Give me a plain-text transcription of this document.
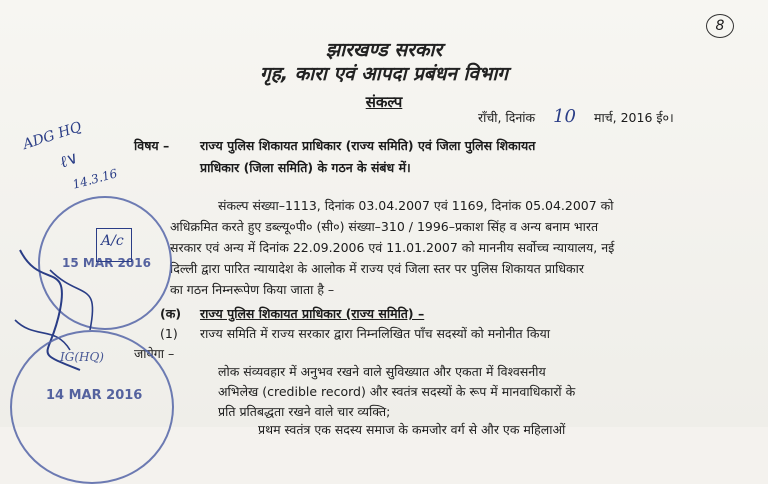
8
झारखण्ड सरकार
गृह, कारा एवं आपदा प्रबंधन विभाग
संकल्प
राँची, दिनांक 10 मार्च, 2016 ई०।
विषय – राज्य पुलिस शिकायत प्राधिकार (राज्य समिति) एवं जिला पुलिस शिकायत
प्राधिकार (जिला समिति) के गठन के संबंध में।
संकल्प संख्या–1113, दिनांक 03.04.2007 एवं 1169, दिनांक 05.04.2007 को
अधिक्रमित करते हुए डब्ल्यू०पी० (सी०) संख्या–310 / 1996–प्रकाश सिंह व अन्य बनाम भारत
सरकार एवं अन्य में दिनांक 22.09.2006 एवं 11.01.2007 को माननीय सर्वोच्च न्यायालय, नई
दिल्ली द्वारा पारित न्यायादेश के आलोक में राज्य एवं जिला स्तर पर पुलिस शिकायत प्राधिकार
का गठन निम्नरूपेण किया जाता है –
(क) राज्य पुलिस शिकायत प्राधिकार (राज्य समिति) –
(1) राज्य समिति में राज्य सरकार द्वारा निम्नलिखित पाँच सदस्यों को मनोनीत किया
जायेगा –
लोक संव्यवहार में अनुभव रखने वाले सुविख्यात और एकता में विश्वसनीय
अभिलेख (credible record) और स्वतंत्र सदस्यों के रूप में मानवाधिकारों के
प्रति प्रतिबद्धता रखने वाले चार व्यक्ति;
प्रथम स्वतंत्र एक सदस्य समाज के कमजोर वर्ग से और एक महिलाओं
ADG HQ
ℓ∨
14.3.16
15 MAR 2016
A/c
IG(HQ)
14 MAR 2016
